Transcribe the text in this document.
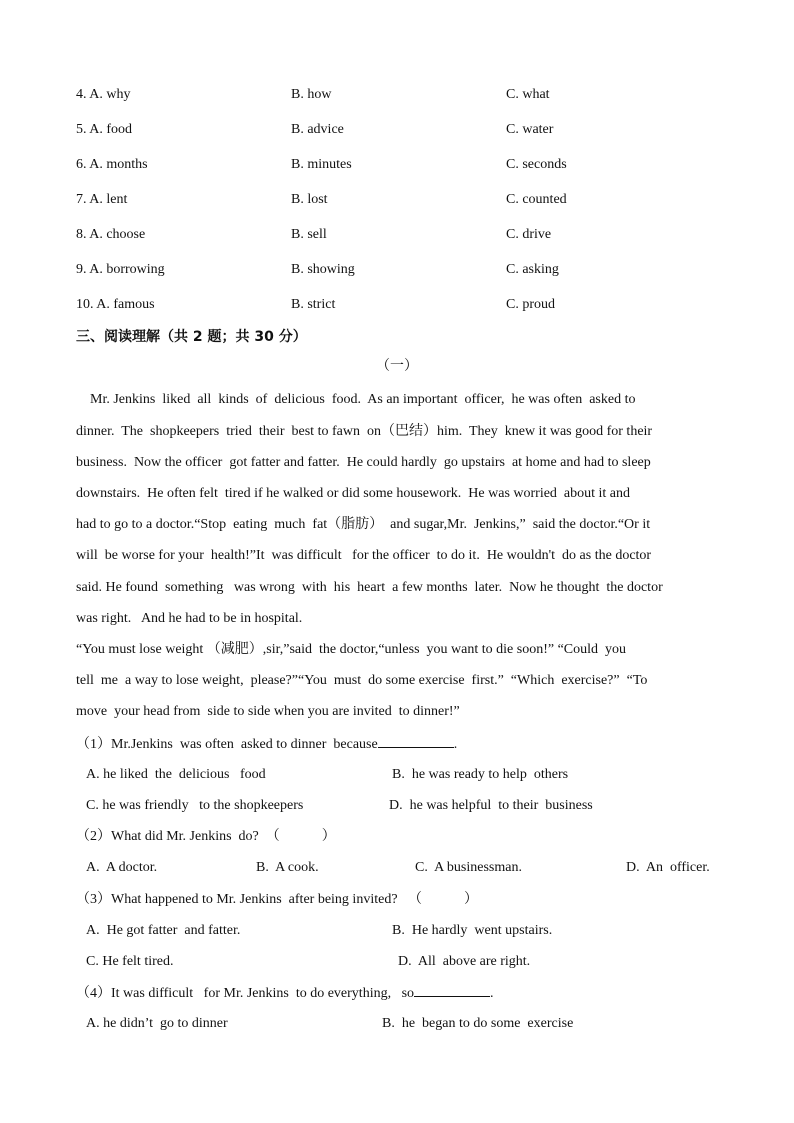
4. A. why	B. how	C. what
5. A. food	B. advice	C. water
6. A. months	B. minutes	C. seconds
7. A. lent	B. lost	C. counted
8. A. choose	B. sell	C. drive
9. A. borrowing	B. showing	C. asking
10. A. famous	B. strict	C. proud
三、阅读理解（共 2 题；共 30 分）
（一）
Mr. Jenkins  liked  all  kinds  of  delicious  food.  As an important  officer,  he was often  asked to
dinner.  The  shopkeepers  tried  their  best to fawn  on（巴结）him.  They  knew it was good for their
business.  Now the officer  got fatter and fatter.  He could hardly  go upstairs  at home and had to sleep
downstairs.  He often felt  tired if he walked or did some housework.  He was worried  about it and
had to go to a doctor.“Stop  eating  much  fat（脂肪）  and sugar,Mr.  Jenkins,”  said the doctor.“Or it
will  be worse for your  health!”It  was difficult   for the officer  to do it.  He wouldn't  do as the doctor
said. He found  something   was wrong  with  his  heart  a few months  later.  Now he thought  the doctor
was right.   And he had to be in hospital.
“You must lose weight （减肥）,sir,”said  the doctor,“unless  you want to die soon!” “Could  you
tell  me  a way to lose weight,  please?”“You  must  do some exercise  first.”  “Which  exercise?”  “To
move  your head from  side to side when you are invited  to dinner!”
（1）Mr.Jenkins  was often  asked to dinner  because	.
A. he liked  the  delicious   food	B.  he was ready to help  others
C. he was friendly   to the shopkeepers	D.  he was helpful  to their  business
（2）What did Mr. Jenkins  do?  （            ）
A.  A doctor.	B.  A cook.	C.  A businessman.	D.  An  officer.
（3）What happened to Mr. Jenkins  after being invited?   （            ）
A.  He got fatter  and fatter.	B.  He hardly  went upstairs.
C. He felt tired.	D.  All  above are right.
（4）It was difficult   for Mr. Jenkins  to do everything,   so	.
A. he didn’t  go to dinner	B.  he  began to do some  exercise
